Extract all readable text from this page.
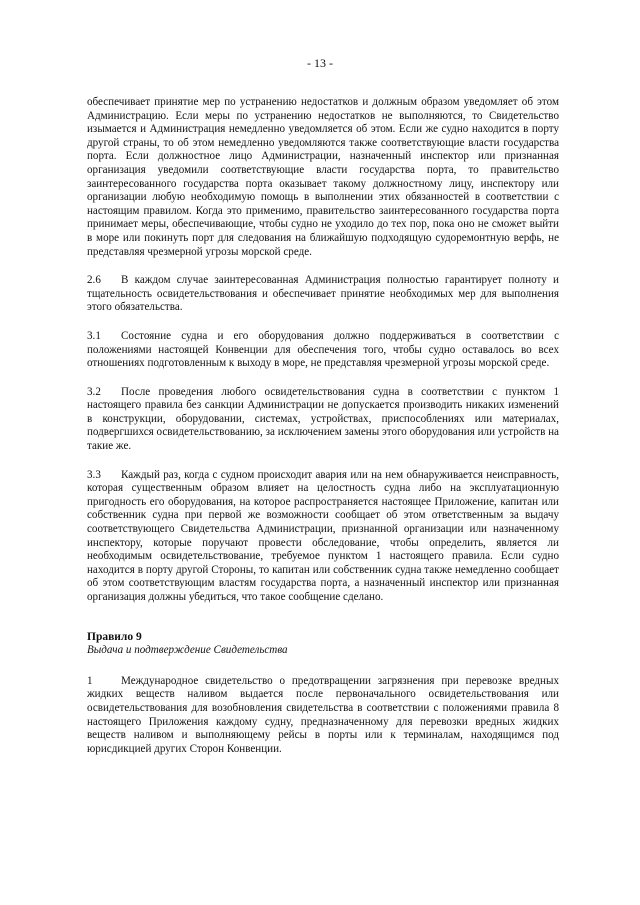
- 13 -

обеспечивает принятие мер по устранению недостатков и должным образом уведомляет об этом Администрацию. Если меры по устранению недостатков не выполняются, то Свидетельство изымается и Администрация немедленно уведомляется об этом. Если же судно находится в порту другой страны, то об этом немедленно уведомляются также соответствующие власти государства порта. Если должностное лицо Администрации, назначенный инспектор или признанная организация уведомили соответствующие власти государства порта, то правительство заинтересованного государства порта оказывает такому должностному лицу, инспектору или организации любую необходимую помощь в выполнении этих обязанностей в соответствии с настоящим правилом. Когда это применимо, правительство заинтересованного государства порта принимает меры, обеспечивающие, чтобы судно не уходило до тех пор, пока оно не сможет выйти в море или покинуть порт для следования на ближайшую подходящую судоремонтную верфь, не представляя чрезмерной угрозы морской среде.

2.6 В каждом случае заинтересованная Администрация полностью гарантирует полноту и тщательность освидетельствования и обеспечивает принятие необходимых мер для выполнения этого обязательства.

3.1 Состояние судна и его оборудования должно поддерживаться в соответствии с положениями настоящей Конвенции для обеспечения того, чтобы судно оставалось во всех отношениях подготовленным к выходу в море, не представляя чрезмерной угрозы морской среде.

3.2 После проведения любого освидетельствования судна в соответствии с пунктом 1 настоящего правила без санкции Администрации не допускается производить никаких изменений в конструкции, оборудовании, системах, устройствах, приспособлениях или материалах, подвергшихся освидетельствованию, за исключением замены этого оборудования или устройств на такие же.

3.3 Каждый раз, когда с судном происходит авария или на нем обнаруживается неисправность, которая существенным образом влияет на целостность судна либо на эксплуатационную пригодность его оборудования, на которое распространяется настоящее Приложение, капитан или собственник судна при первой же возможности сообщает об этом ответственным за выдачу соответствующего Свидетельства Администрации, признанной организации или назначенному инспектору, которые поручают провести обследование, чтобы определить, является ли необходимым освидетельствование, требуемое пунктом 1 настоящего правила. Если судно находится в порту другой Стороны, то капитан или собственник судна также немедленно сообщает об этом соответствующим властям государства порта, а назначенный инспектор или признанная организация должны убедиться, что такое сообщение сделано.

Правило 9
Выдача и подтверждение Свидетельства

1	Международное свидетельство о предотвращении загрязнения при перевозке вредных жидких веществ наливом выдается после первоначального освидетельствования или освидетельствования для возобновления свидетельства в соответствии с положениями правила 8 настоящего Приложения каждому судну, предназначенному для перевозки вредных жидких веществ наливом и выполняющему рейсы в порты или к терминалам, находящимся под юрисдикцией других Сторон Конвенции.
